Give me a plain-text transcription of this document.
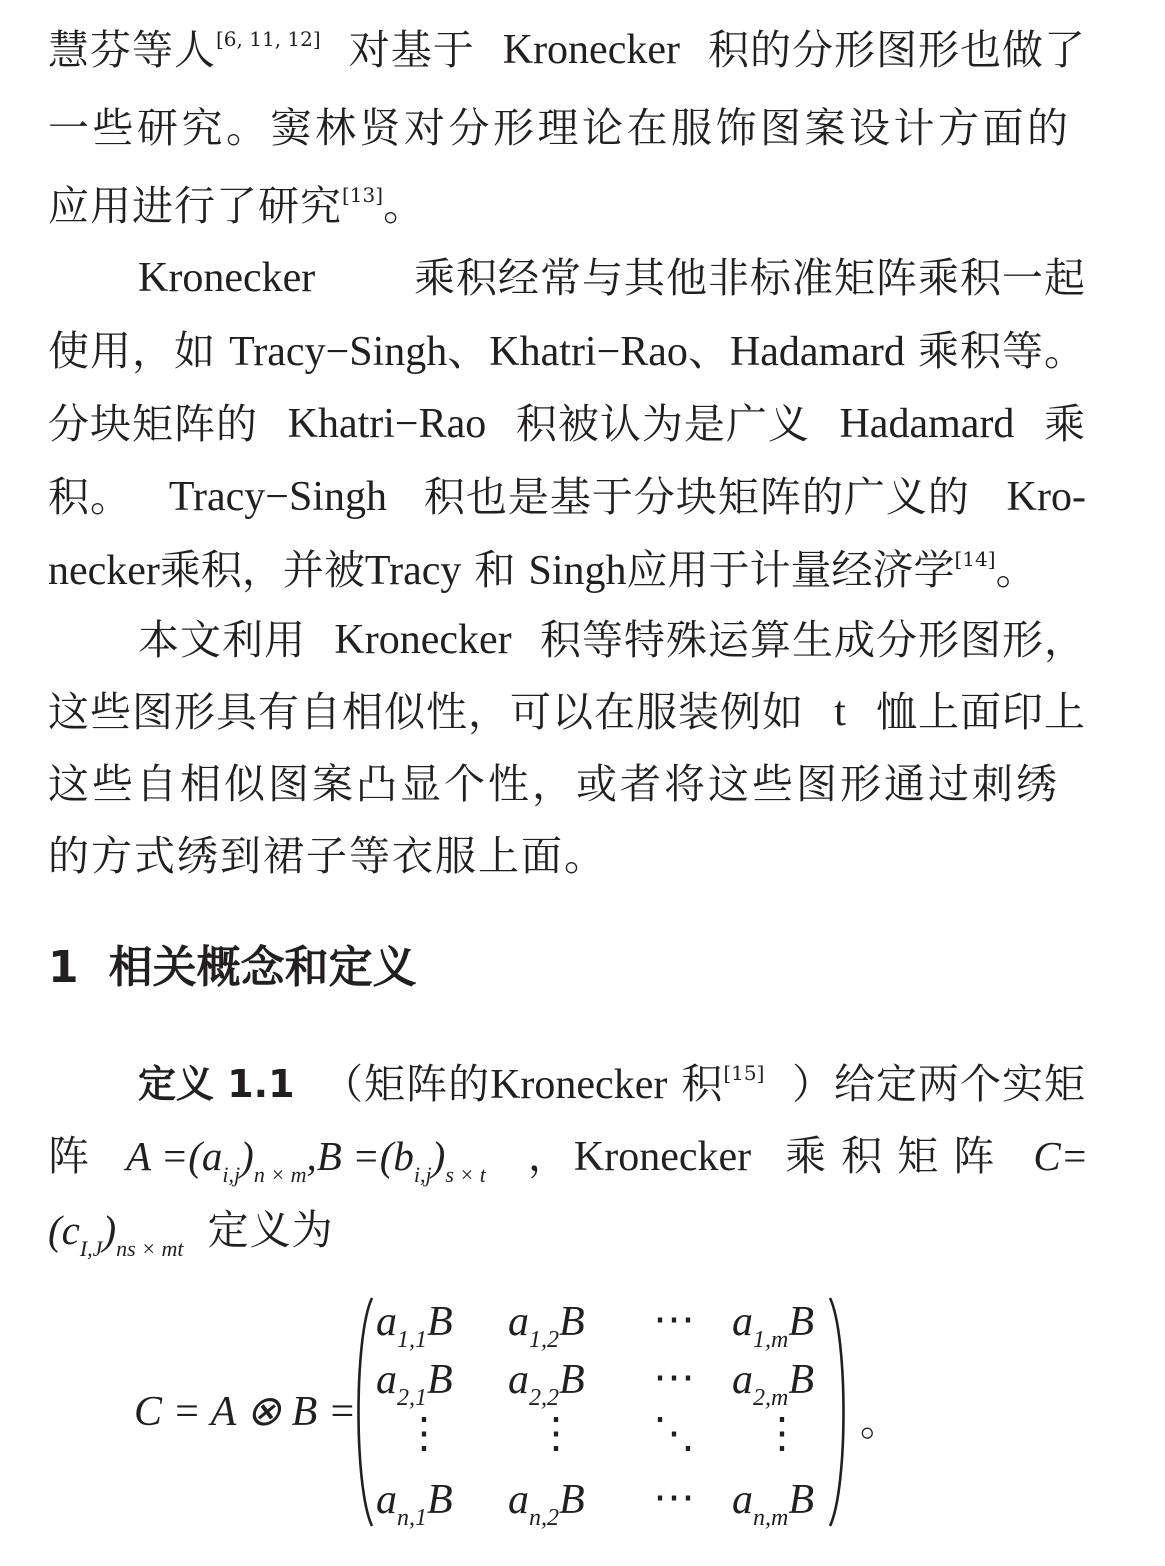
慧芬等人[6, 11, 12] 对基于 Kronecker 积的分形图形也做了
一些研究。窦林贤对分形理论在服饰图案设计方面的
应用进行了研究[13]。
Kronecker 乘积经常与其他非标准矩阵乘积一起
使用，如 Tracy−Singh、Khatri−Rao、Hadamard 乘积等。
分块矩阵的 Khatri−Rao 积被认为是广义 Hadamard 乘
积。 Tracy−Singh 积也是基于分块矩阵的广义的 Kro-
necker乘积，并被Tracy 和 Singh应用于计量经济学[14]。
本文利用 Kronecker 积等特殊运算生成分形图形，
这些图形具有自相似性，可以在服装例如 t 恤上面印上
这些自相似图案凸显个性，或者将这些图形通过刺绣
的方式绣到裙子等衣服上面。
1 相关概念和定义
定义 1.1 （矩阵的Kronecker 积[15] ）给定两个实矩
阵 $A =(a_{i,j})_{n \times m},B =(b_{i,j})_{s \times t}$ ，Kronecker 乘 积 矩 阵 C=
$(c_{I,J})_{ns \times mt}$ 定义为
C = A ⊗ B =
$a_{1,1}B$	$a_{1,2}B$	⋯ $a_{1,m}B$
$a_{2,1}B$	$a_{2,2}B$	⋯ $a_{2,m}B$
⋮ ⋮ ⋱ ⋮
$a_{n,1}B$	$a_{n,2}B$	⋯ $a_{n,m}B$
。
